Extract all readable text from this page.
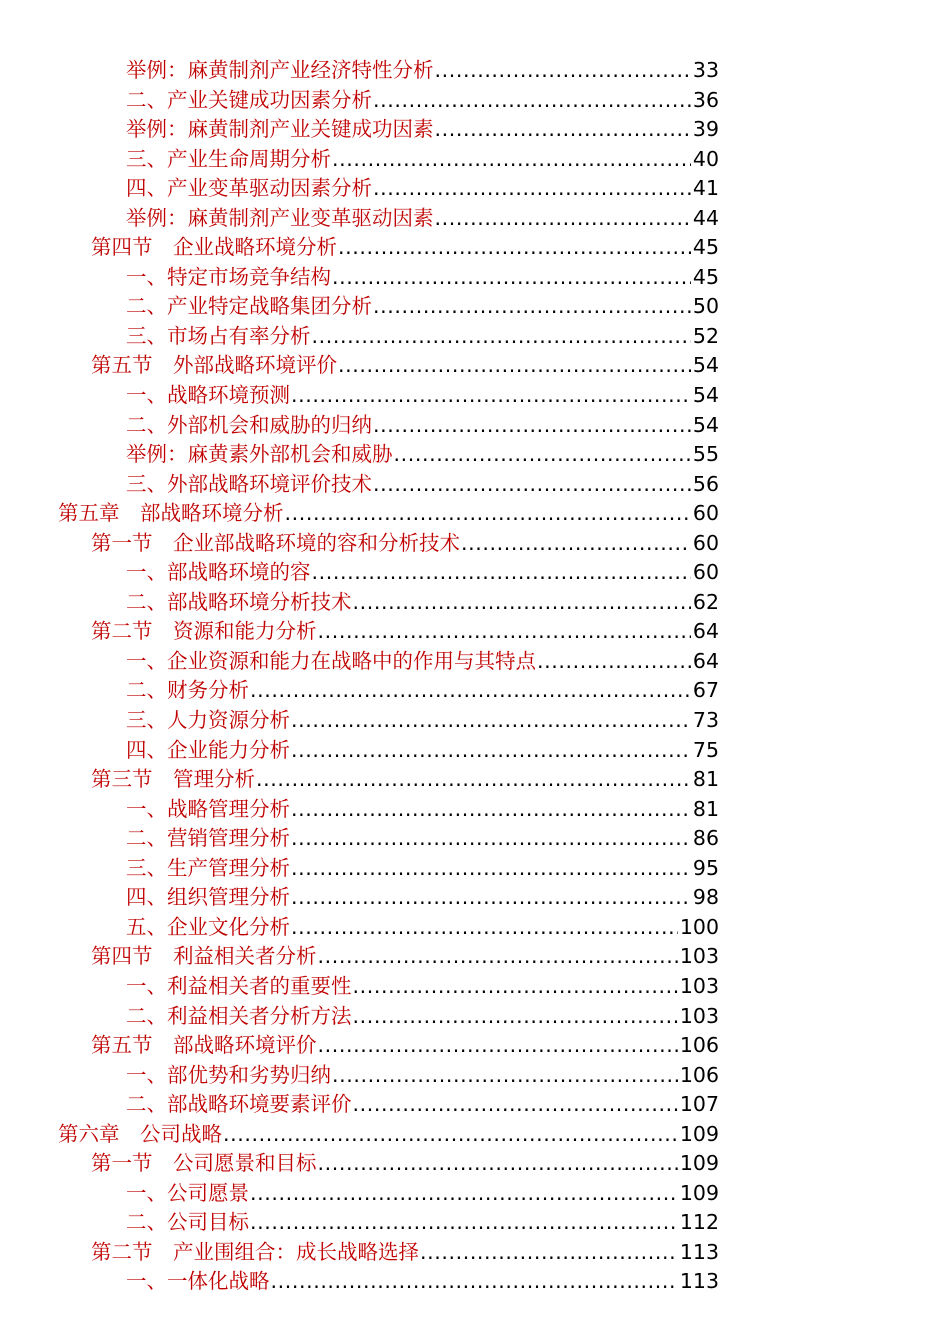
举例：麻黄制剂产业经济特性分析 .....	33
二、产业关键成功因素分析 .....	36
举例：麻黄制剂产业关键成功因素 .....	39
三、产业生命周期分析 .....	40
四、产业变革驱动因素分析 .....	41
举例：麻黄制剂产业变革驱动因素 .....	44
第四节　企业战略环境分析 .....	45
一、特定市场竞争结构 .....	45
二、产业特定战略集团分析 .....	50
三、市场占有率分析 .....	52
第五节　外部战略环境评价 .....	54
一、战略环境预测 .....	54
二、外部机会和威胁的归纳 .....	54
举例：麻黄素外部机会和威胁 .....	55
三、外部战略环境评价技术 .....	56
第五章　部战略环境分析 .....	60
第一节　企业部战略环境的容和分析技术 .....	60
一、部战略环境的容 .....	60
二、部战略环境分析技术 .....	62
第二节　资源和能力分析 .....	64
一、企业资源和能力在战略中的作用与其特点 .....	64
二、财务分析 .....	67
三、人力资源分析 .....	73
四、企业能力分析 .....	75
第三节　管理分析 .....	81
一、战略管理分析 .....	81
二、营销管理分析 .....	86
三、生产管理分析 .....	95
四、组织管理分析 .....	98
五、企业文化分析 .....	100
第四节　利益相关者分析 .....	103
一、利益相关者的重要性 .....	103
二、利益相关者分析方法 .....	103
第五节　部战略环境评价 .....	106
一、部优势和劣势归纳 .....	106
二、部战略环境要素评价 .....	107
第六章　公司战略 .....	109
第一节　公司愿景和目标 .....	109
一、公司愿景 .....	109
二、公司目标 .....	112
第二节　产业围组合：成长战略选择 .....	113
一、一体化战略 .....	113
